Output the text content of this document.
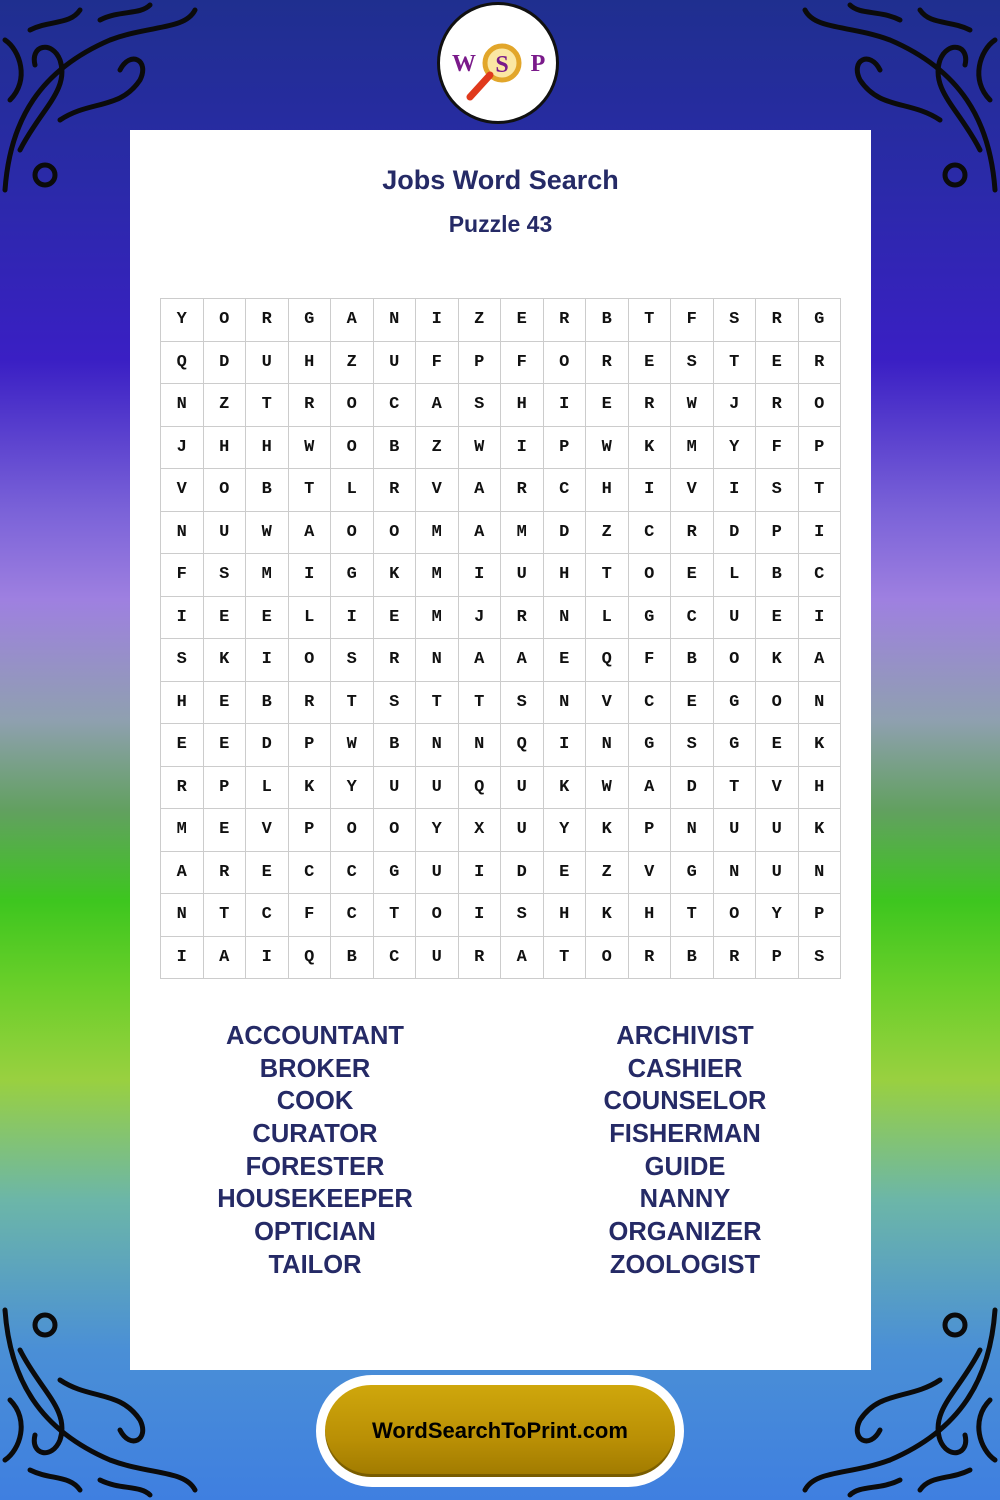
W S P
Jobs Word Search
Puzzle 43
Y	O	R	G	A	N	I	Z	E	R	B	T	F	S	R	G
Q	D	U	H	Z	U	F	P	F	O	R	E	S	T	E	R
N	Z	T	R	O	C	A	S	H	I	E	R	W	J	R	O
J	H	H	W	O	B	Z	W	I	P	W	K	M	Y	F	P
V	O	B	T	L	R	V	A	R	C	H	I	V	I	S	T
N	U	W	A	O	O	M	A	M	D	Z	C	R	D	P	I
F	S	M	I	G	K	M	I	U	H	T	O	E	L	B	C
I	E	E	L	I	E	M	J	R	N	L	G	C	U	E	I
S	K	I	O	S	R	N	A	A	E	Q	F	B	O	K	A
H	E	B	R	T	S	T	T	S	N	V	C	E	G	O	N
E	E	D	P	W	B	N	N	Q	I	N	G	S	G	E	K
R	P	L	K	Y	U	U	Q	U	K	W	A	D	T	V	H
M	E	V	P	O	O	Y	X	U	Y	K	P	N	U	U	K
A	R	E	C	C	G	U	I	D	E	Z	V	G	N	U	N
N	T	C	F	C	T	O	I	S	H	K	H	T	O	Y	P
I	A	I	Q	B	C	U	R	A	T	O	R	B	R	P	S
ACCOUNTANT
BROKER
COOK
CURATOR
FORESTER
HOUSEKEEPER
OPTICIAN
TAILOR
ARCHIVIST
CASHIER
COUNSELOR
FISHERMAN
GUIDE
NANNY
ORGANIZER
ZOOLOGIST
WordSearchToPrint.com
